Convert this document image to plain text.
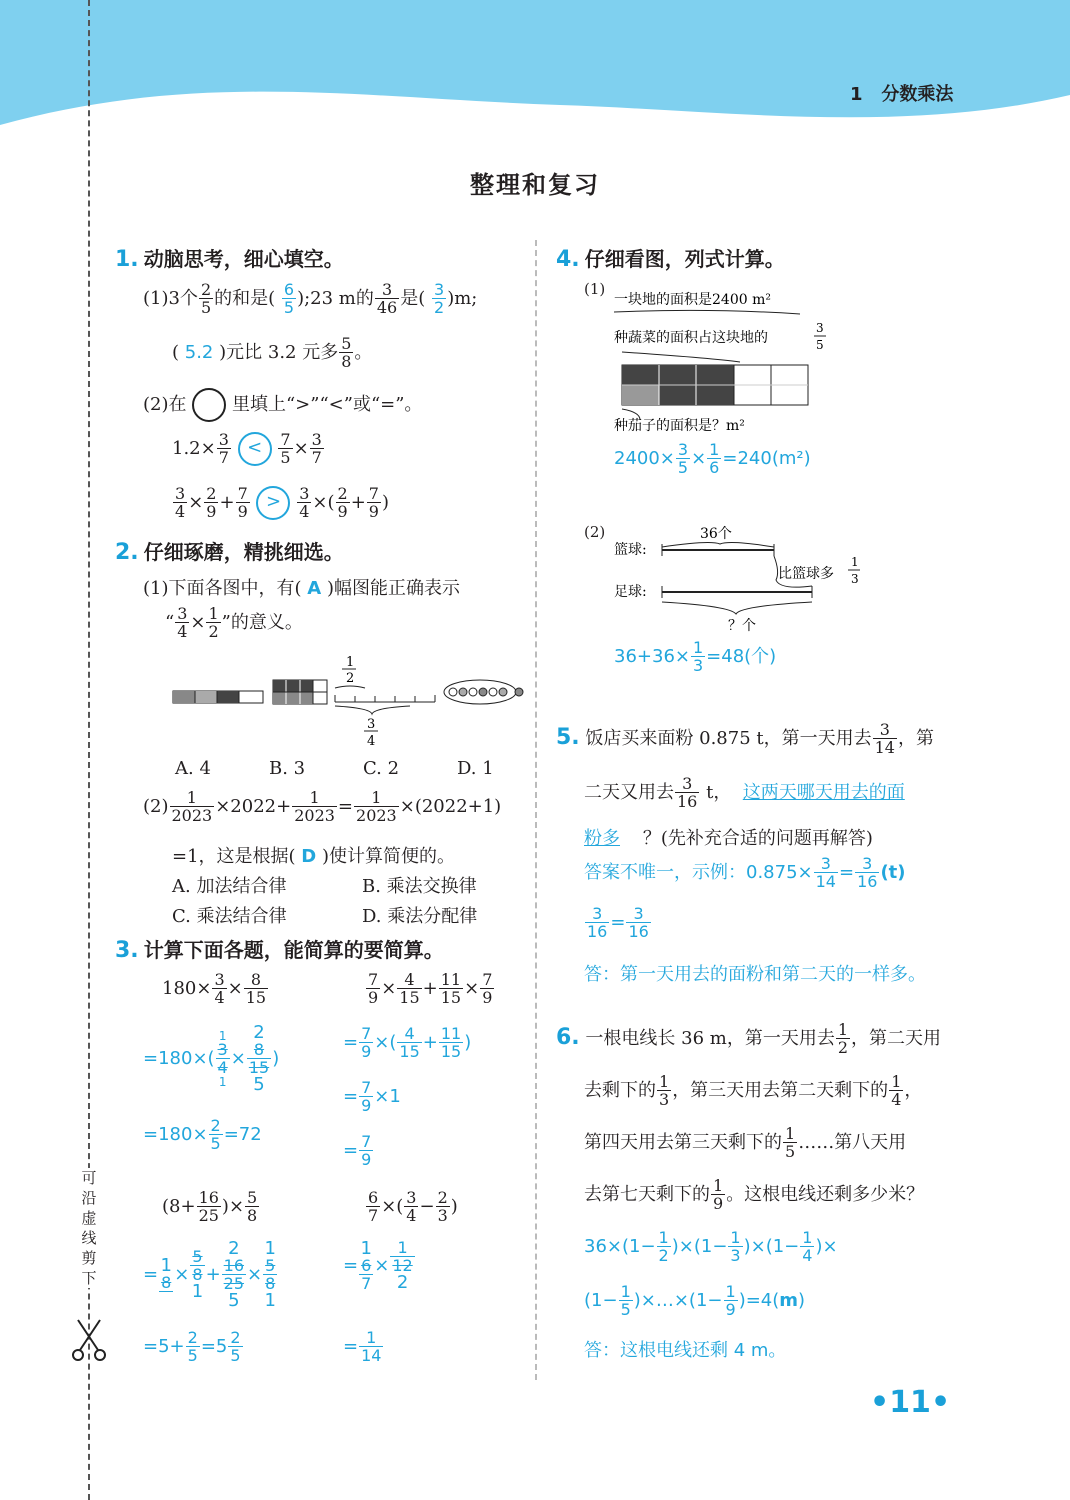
1 分数乘法
可
沿
虚
线
剪
下
整理和复习
1. 动脑思考，细心填空。
(1)3个 $\frac{2}{5}$ 的和是( $\frac{6}{5}$ );23 m的 $\frac{3}{46}$ 是( $\frac{3}{2} )m$;
( 5.2 )元比 3.2 元多 $\frac{5}{8}$ 。
(2)在	里填上“>”“<”或“=”。
$1.2\times \frac{3}{7} < \frac{7}{5} \times \frac{3}{7}$
$\frac{3}{4} \times \frac{2}{9} + \frac{7}{9} > \frac{3}{4}$ ×( $\frac{2}{9} + \frac{7}{9}$ )
2. 仔细琢磨，精挑细选。
(1)下面各图中，有( A )幅图能正确表示
“ $\frac{3}{4} \times \frac{1}{2}$ ”的意义。
1
2
3
4
A. 4	B. 3	C. 2	D. 1
$(2) \frac{1}{2023} \times 2022+ \frac{1}{2023} = \frac{1}{2023} \times(2022+1)$
=1，这是根据( D )使计算简便的。
A. 加法结合律	B. 乘法交换律
C. 乘法结合律	D. 乘法分配律
3. 计算下面各题，能简算的要简算。
$180\times \frac{3}{4} \times \frac{8}{15}$
=180×(
1
3
4
1
×
2
8
15
5
)
$=180\times \frac{2}{5} =72$
$\frac{7}{9} \times \frac{4}{15} + \frac{11}{15} \times \frac{7}{9}$
= $\frac{7}{9}$ ×( $\frac{4}{15} + \frac{11}{15}$ )
= $\frac{7}{9} \times 1$
= $\frac{7}{9}$
($8+ \frac{16}{25}$ )× $\frac{5}{8}$
= 1
8 ×
5
8
1
+
2
16
25
5
×
1
5
8
1
$=5+ \frac{2}{5} =5 \frac{2}{5}$
$\frac{6}{7}$ ×( $\frac{3}{4} - \frac{2}{3}$ )
=
1
6
7
×
1
12
2
= $\frac{1}{14}$
4. 仔细看图，列式计算。
(1)
一块地的面积是2400 m²
种蔬菜的面积占这块地的
3
5
种茄子的面积是？m²
$2400\times \frac{3}{5} \times \frac{1}{6} =240(m^2)$
(2)	36个
篮球:
足球:
比篮球多
1
3
？个
$36+36\times \frac{1}{3} =48$(个)
5. 饭店买来面粉 0.875 t，第一天用去 $\frac{3}{14}$ ，第
二天又用去 $\frac{3}{16}$ t， 这两天哪天用去的面
粉多 ？(先补充合适的问题再解答)
答案不唯一，示例：$0.875\times \frac{3}{14} = \frac{3}{16} (t)$
$\frac{3}{16} = \frac{3}{16}$
答：第一天用去的面粉和第二天的一样多。
6. 一根电线长 36 m，第一天用去 $\frac{1}{2}$ ，第二天用
去剩下的 $\frac{1}{3}$ ，第三天用去第二天剩下的 $\frac{1}{4}$ ，
第四天用去第三天剩下的 $\frac{1}{5}$ ……第八天用
去第七天剩下的 $\frac{1}{9}$ 。这根电线还剩多少米？
$36\times(1- \frac{1}{2} )\times(1- \frac{1}{3} )\times(1- \frac{1}{4}$ )×
($1- \frac{1}{5}$ )×…×(1− $\frac{1}{9} )=4(m)$
答：这根电线还剩 4 m。
•11•
